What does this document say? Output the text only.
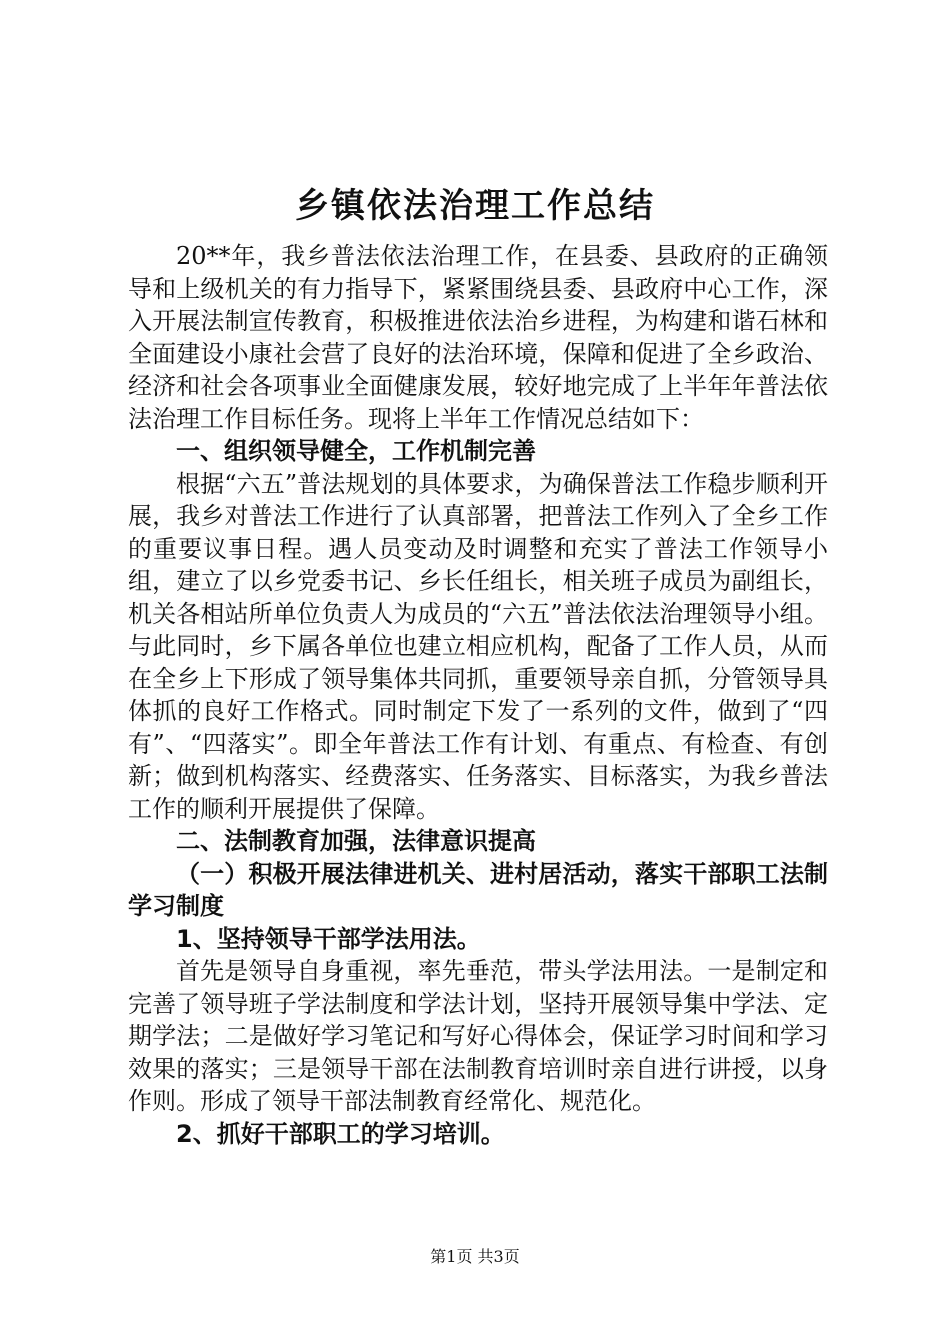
乡镇依法治理工作总结

20**年，我乡普法依法治理工作，在县委、县政府的正确领导和上级机关的有力指导下，紧紧围绕县委、县政府中心工作，深入开展法制宣传教育，积极推进依法治乡进程，为构建和谐石林和全面建设小康社会营了良好的法治环境，保障和促进了全乡政治、经济和社会各项事业全面健康发展，较好地完成了上半年年普法依法治理工作目标任务。现将上半年工作情况总结如下：

一、组织领导健全，工作机制完善

根据“六五”普法规划的具体要求，为确保普法工作稳步顺利开展，我乡对普法工作进行了认真部署，把普法工作列入了全乡工作的重要议事日程。遇人员变动及时调整和充实了普法工作领导小组，建立了以乡党委书记、乡长任组长，相关班子成员为副组长，机关各相站所单位负责人为成员的“六五”普法依法治理领导小组。与此同时，乡下属各单位也建立相应机构，配备了工作人员，从而在全乡上下形成了领导集体共同抓，重要领导亲自抓，分管领导具体抓的良好工作格式。同时制定下发了一系列的文件，做到了“四有”、“四落实”。即全年普法工作有计划、有重点、有检查、有创新；做到机构落实、经费落实、任务落实、目标落实，为我乡普法工作的顺利开展提供了保障。

二、法制教育加强，法律意识提高

（一）积极开展法律进机关、进村居活动，落实干部职工法制学习制度

1、坚持领导干部学法用法。

首先是领导自身重视，率先垂范，带头学法用法。一是制定和完善了领导班子学法制度和学法计划，坚持开展领导集中学法、定期学法；二是做好学习笔记和写好心得体会，保证学习时间和学习效果的落实；三是领导干部在法制教育培训时亲自进行讲授，以身作则。形成了领导干部法制教育经常化、规范化。

2、抓好干部职工的学习培训。

第1页 共3页
